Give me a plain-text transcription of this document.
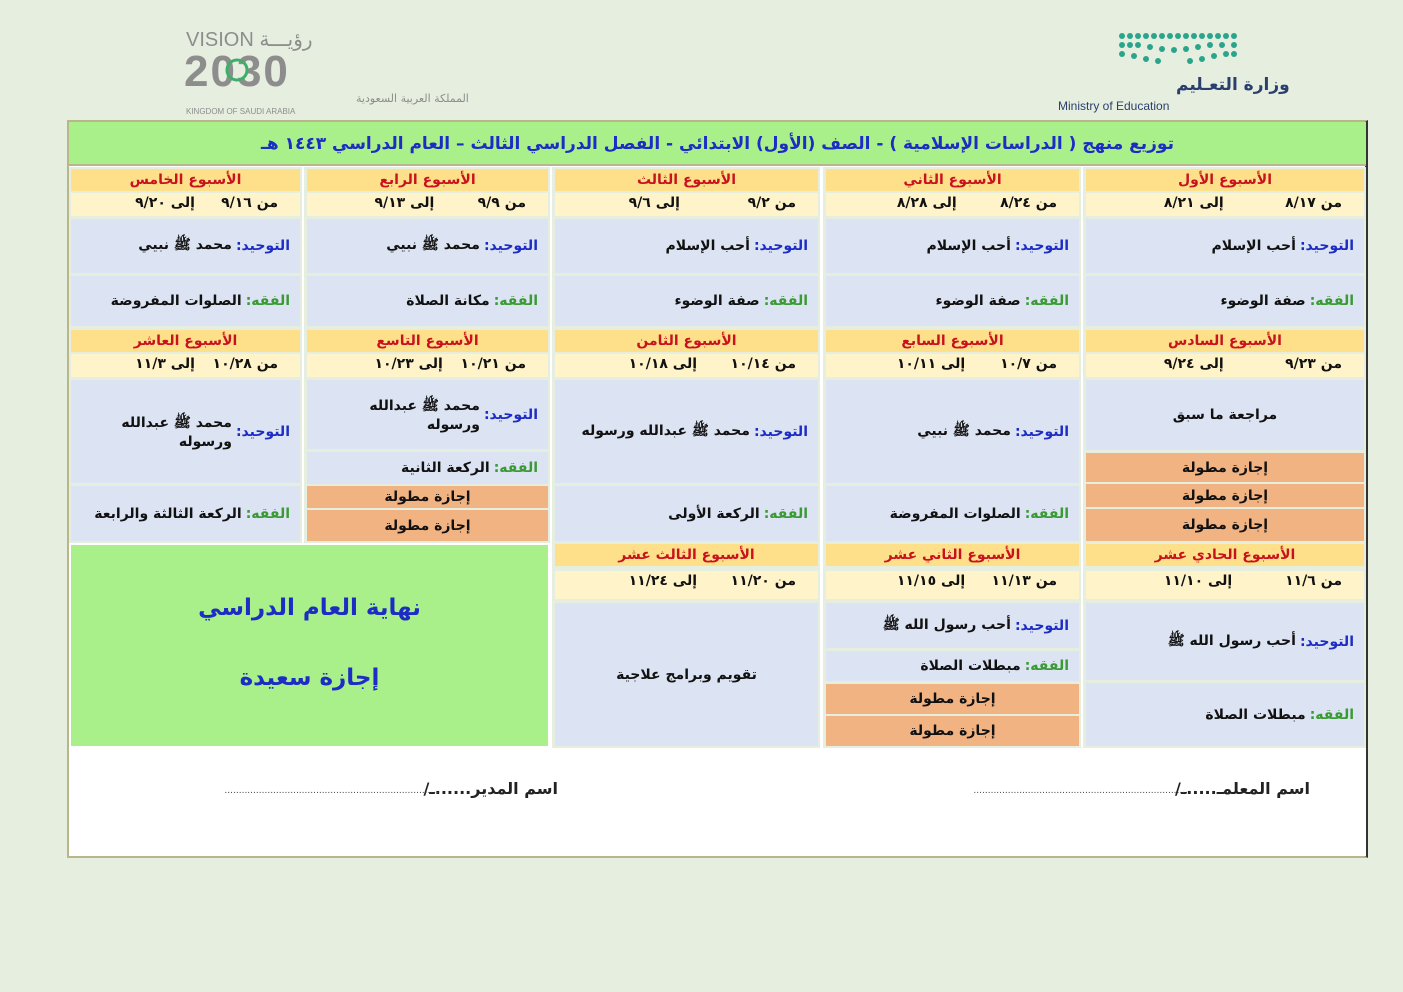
VISION رؤيـــة
2030
المملكة العربية السعودية
KINGDOM OF SAUDI ARABIA
وزارة التعـليم
Ministry of Education
توزيع منهج ( الدراسات الإسلامية ) - الصف (الأول) الابتدائي - الفصل الدراسي الثالث – العام الدراسي ١٤٤٣ هـ
الأسبوع الأول
من ٨/١٧
إلى ٨/٢١
التوحيد:
أحب الإسلام
الفقه:
صفة الوضوء
الأسبوع الثاني
من ٨/٢٤
إلى ٨/٢٨
التوحيد:
أحب الإسلام
الفقه:
صفة الوضوء
الأسبوع الثالث
من ٩/٢
إلى ٩/٦
التوحيد:
أحب الإسلام
الفقه:
صفة الوضوء
الأسبوع الرابع
من ٩/٩
إلى ٩/١٣
التوحيد:
محمد ﷺ نبيي
الفقه:
مكانة الصلاة
الأسبوع الخامس
من ٩/١٦
إلى ٩/٢٠
التوحيد:
محمد ﷺ نبيي
الفقه:
الصلوات المفروضة
الأسبوع السادس
من ٩/٢٣
إلى ٩/٢٤
مراجعة ما سبق
إجازة مطولة
إجازة مطولة
إجازة مطولة
الأسبوع السابع
من ١٠/٧
إلى ١٠/١١
التوحيد:
محمد ﷺ نبيي
الفقه:
الصلوات المفروضة
الأسبوع الثامن
من ١٠/١٤
إلى ١٠/١٨
التوحيد:
محمد ﷺ عبدالله ورسوله
الفقه:
الركعة الأولى
الأسبوع التاسع
من ١٠/٢١
إلى ١٠/٢٣
التوحيد:
محمد ﷺ عبدالله ورسوله
الفقه:
الركعة الثانية
إجازة مطولة
إجازة مطولة
الأسبوع العاشر
من ١٠/٢٨
إلى ١١/٣
التوحيد:
محمد ﷺ عبدالله ورسوله
الفقه:
الركعة الثالثة والرابعة
الأسبوع الحادي عشر
من ١١/٦
إلى ١١/١٠
التوحيد:
أحب رسول الله ﷺ
الفقه:
مبطلات الصلاة
الأسبوع الثاني عشر
من ١١/١٣
إلى ١١/١٥
التوحيد:
أحب رسول الله ﷺ
الفقه:
مبطلات الصلاة
إجازة مطولة
إجازة مطولة
الأسبوع الثالث عشر
من ١١/٢٠
إلى ١١/٢٤
تقويم وبرامج علاجية
نهاية العام الدراسي
إجازة سعيدة
اسم المعلمـ.....ـ/
...........................................................................
اسم المدير......ـ/
...........................................................................
